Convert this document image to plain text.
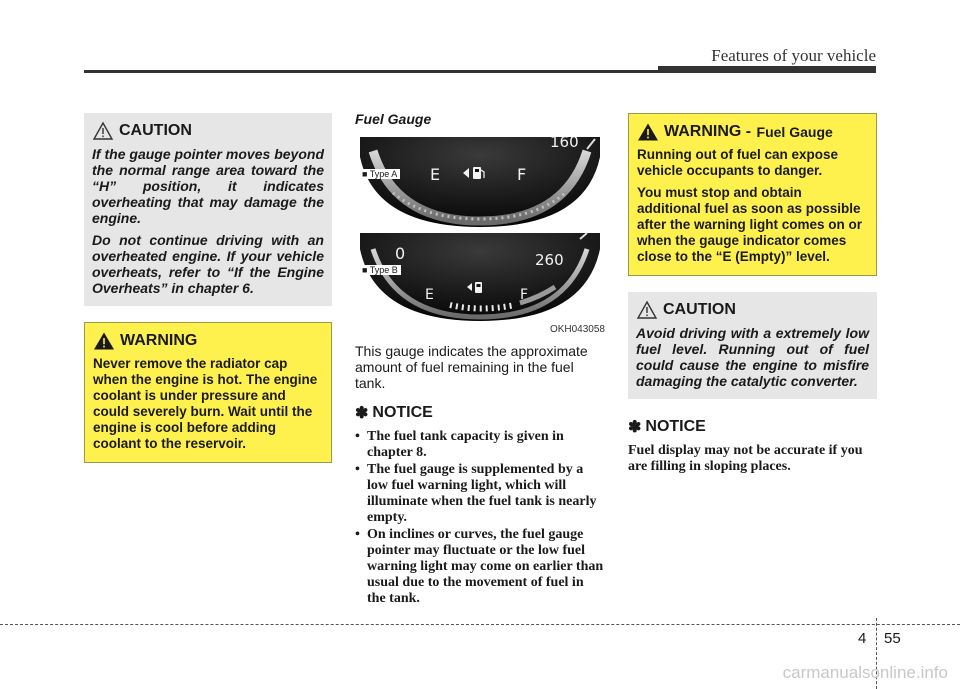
Features of your vehicle
CAUTION

If the gauge pointer moves beyond the normal range area toward the “H” position, it indicates overheating that may damage the engine.

Do not continue driving with an overheated engine. If your vehicle overheats, refer to “If the Engine Overheats” in chapter 6.

WARNING

Never remove the radiator cap when the engine is hot. The engine coolant is under pressure and could severely burn. Wait until the engine is cool before adding coolant to the reservoir.

Fuel Gauge
E	F
160
0	260
E	F
■ Type A
■ Type B
OKH043058

This gauge indicates the approximate amount of fuel remaining in the fuel tank.

✽ NOTICE
• The fuel tank capacity is given in chapter 8.
• The fuel gauge is supplemented by a low fuel warning light, which will illuminate when the fuel tank is nearly empty.
• On inclines or curves, the fuel gauge pointer may fluctuate or the low fuel warning light may come on earlier than usual due to the movement of fuel in the tank.
WARNING - Fuel Gauge

Running out of fuel can expose vehicle occupants to danger.

You must stop and obtain additional fuel as soon as possible after the warning light comes on or when the gauge indicator comes close to the “E (Empty)” level.

CAUTION

Avoid driving with a extremely low fuel level. Running out of fuel could cause the engine to misfire damaging the catalytic converter.

✽ NOTICE

Fuel display may not be accurate if you are filling in sloping places.

4 55
carmanualsonline.info
